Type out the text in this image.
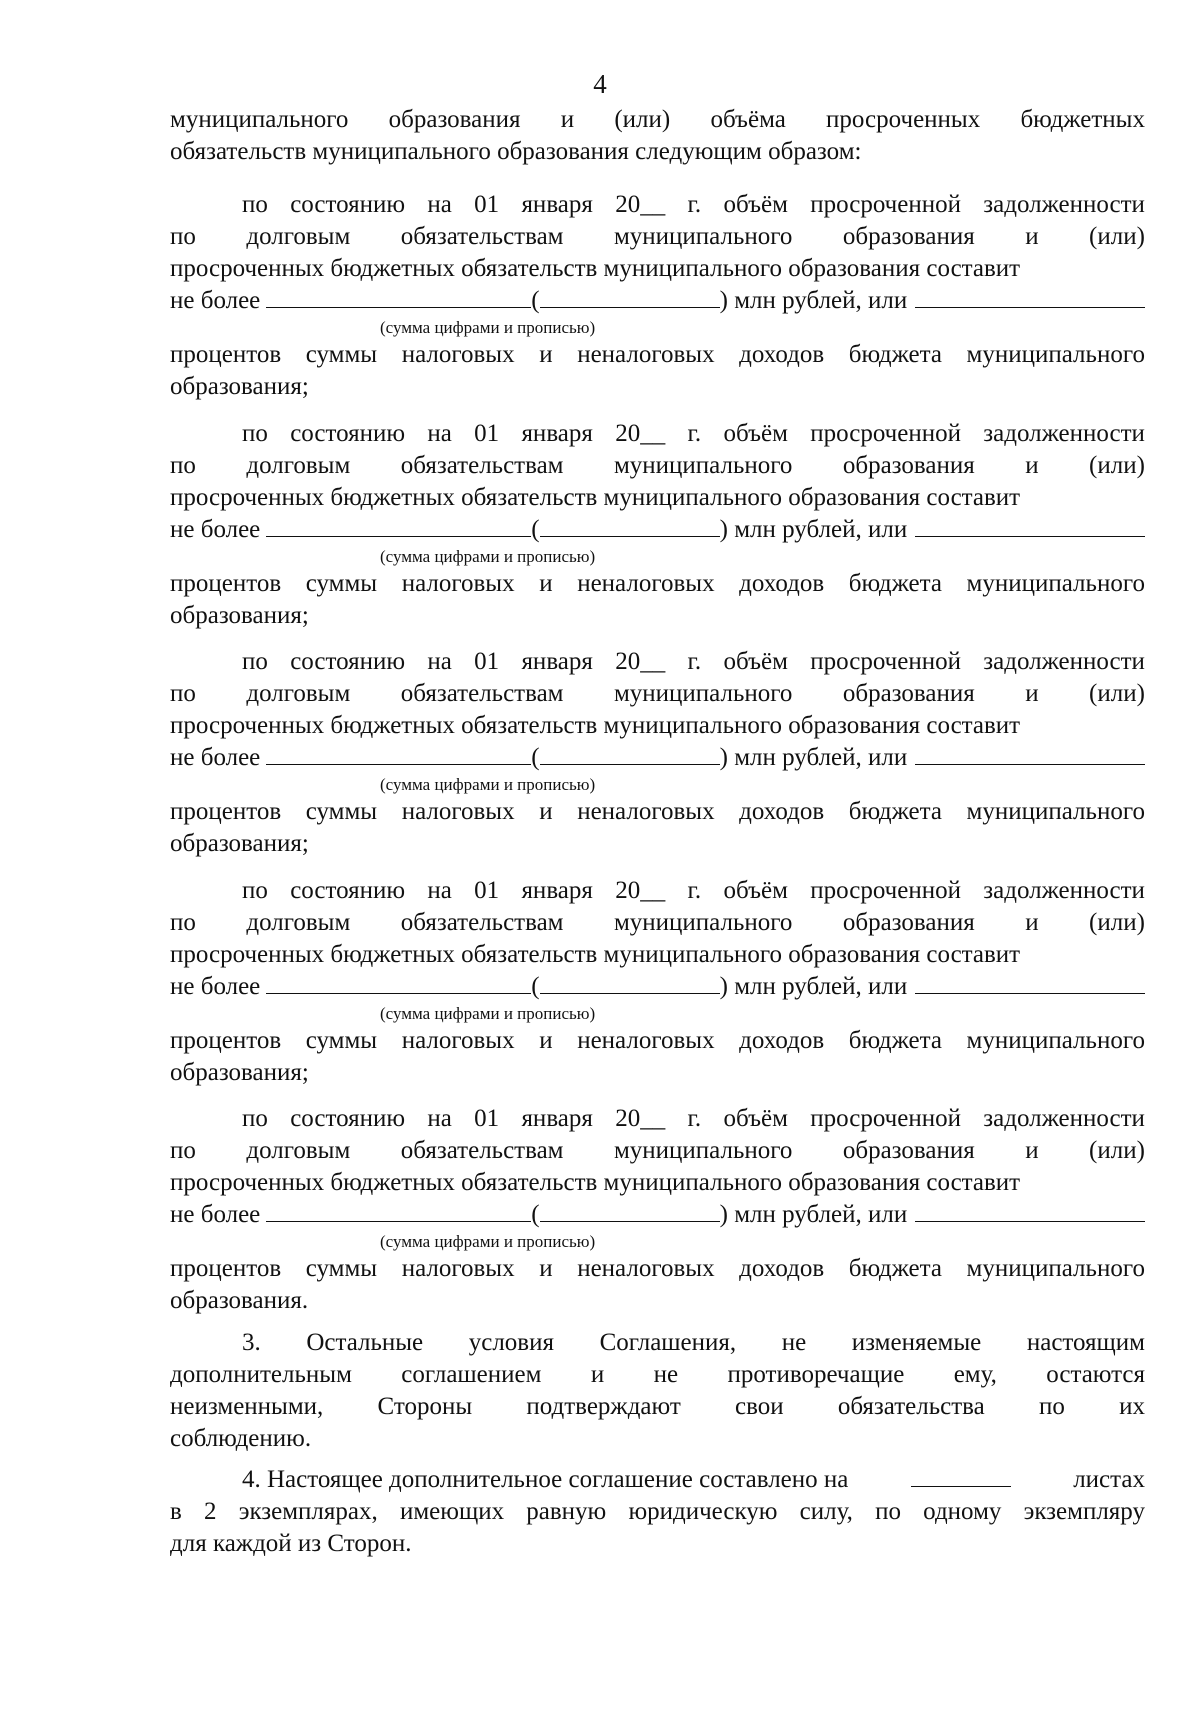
4
муниципального образования и (или) объёма просроченных бюджетных
обязательств муниципального образования следующим образом:
по состоянию на 01 января 20__ г. объём просроченной задолженности
по долговым обязательствам муниципального образования и (или)
просроченных бюджетных обязательств муниципального образования составит
не более	(	) млн рублей, или
(сумма цифрами и прописью)
процентов суммы налоговых и неналоговых доходов бюджета муниципального
образования;
по состоянию на 01 января 20__ г. объём просроченной задолженности
по долговым обязательствам муниципального образования и (или)
просроченных бюджетных обязательств муниципального образования составит
не более	(	) млн рублей, или
(сумма цифрами и прописью)
процентов суммы налоговых и неналоговых доходов бюджета муниципального
образования;
по состоянию на 01 января 20__ г. объём просроченной задолженности
по долговым обязательствам муниципального образования и (или)
просроченных бюджетных обязательств муниципального образования составит
не более	(	) млн рублей, или
(сумма цифрами и прописью)
процентов суммы налоговых и неналоговых доходов бюджета муниципального
образования;
по состоянию на 01 января 20__ г. объём просроченной задолженности
по долговым обязательствам муниципального образования и (или)
просроченных бюджетных обязательств муниципального образования составит
не более	(	) млн рублей, или
(сумма цифрами и прописью)
процентов суммы налоговых и неналоговых доходов бюджета муниципального
образования;
по состоянию на 01 января 20__ г. объём просроченной задолженности
по долговым обязательствам муниципального образования и (или)
просроченных бюджетных обязательств муниципального образования составит
не более	(	) млн рублей, или
(сумма цифрами и прописью)
процентов суммы налоговых и неналоговых доходов бюджета муниципального
образования.
3. Остальные условия Соглашения, не изменяемые настоящим
дополнительным соглашением и не противоречащие ему, остаются
неизменными, Стороны подтверждают свои обязательства по их
соблюдению.
4. Настоящее дополнительное соглашение составлено на	листах
в 2 экземплярах, имеющих равную юридическую силу, по одному экземпляру
для каждой из Сторон.
